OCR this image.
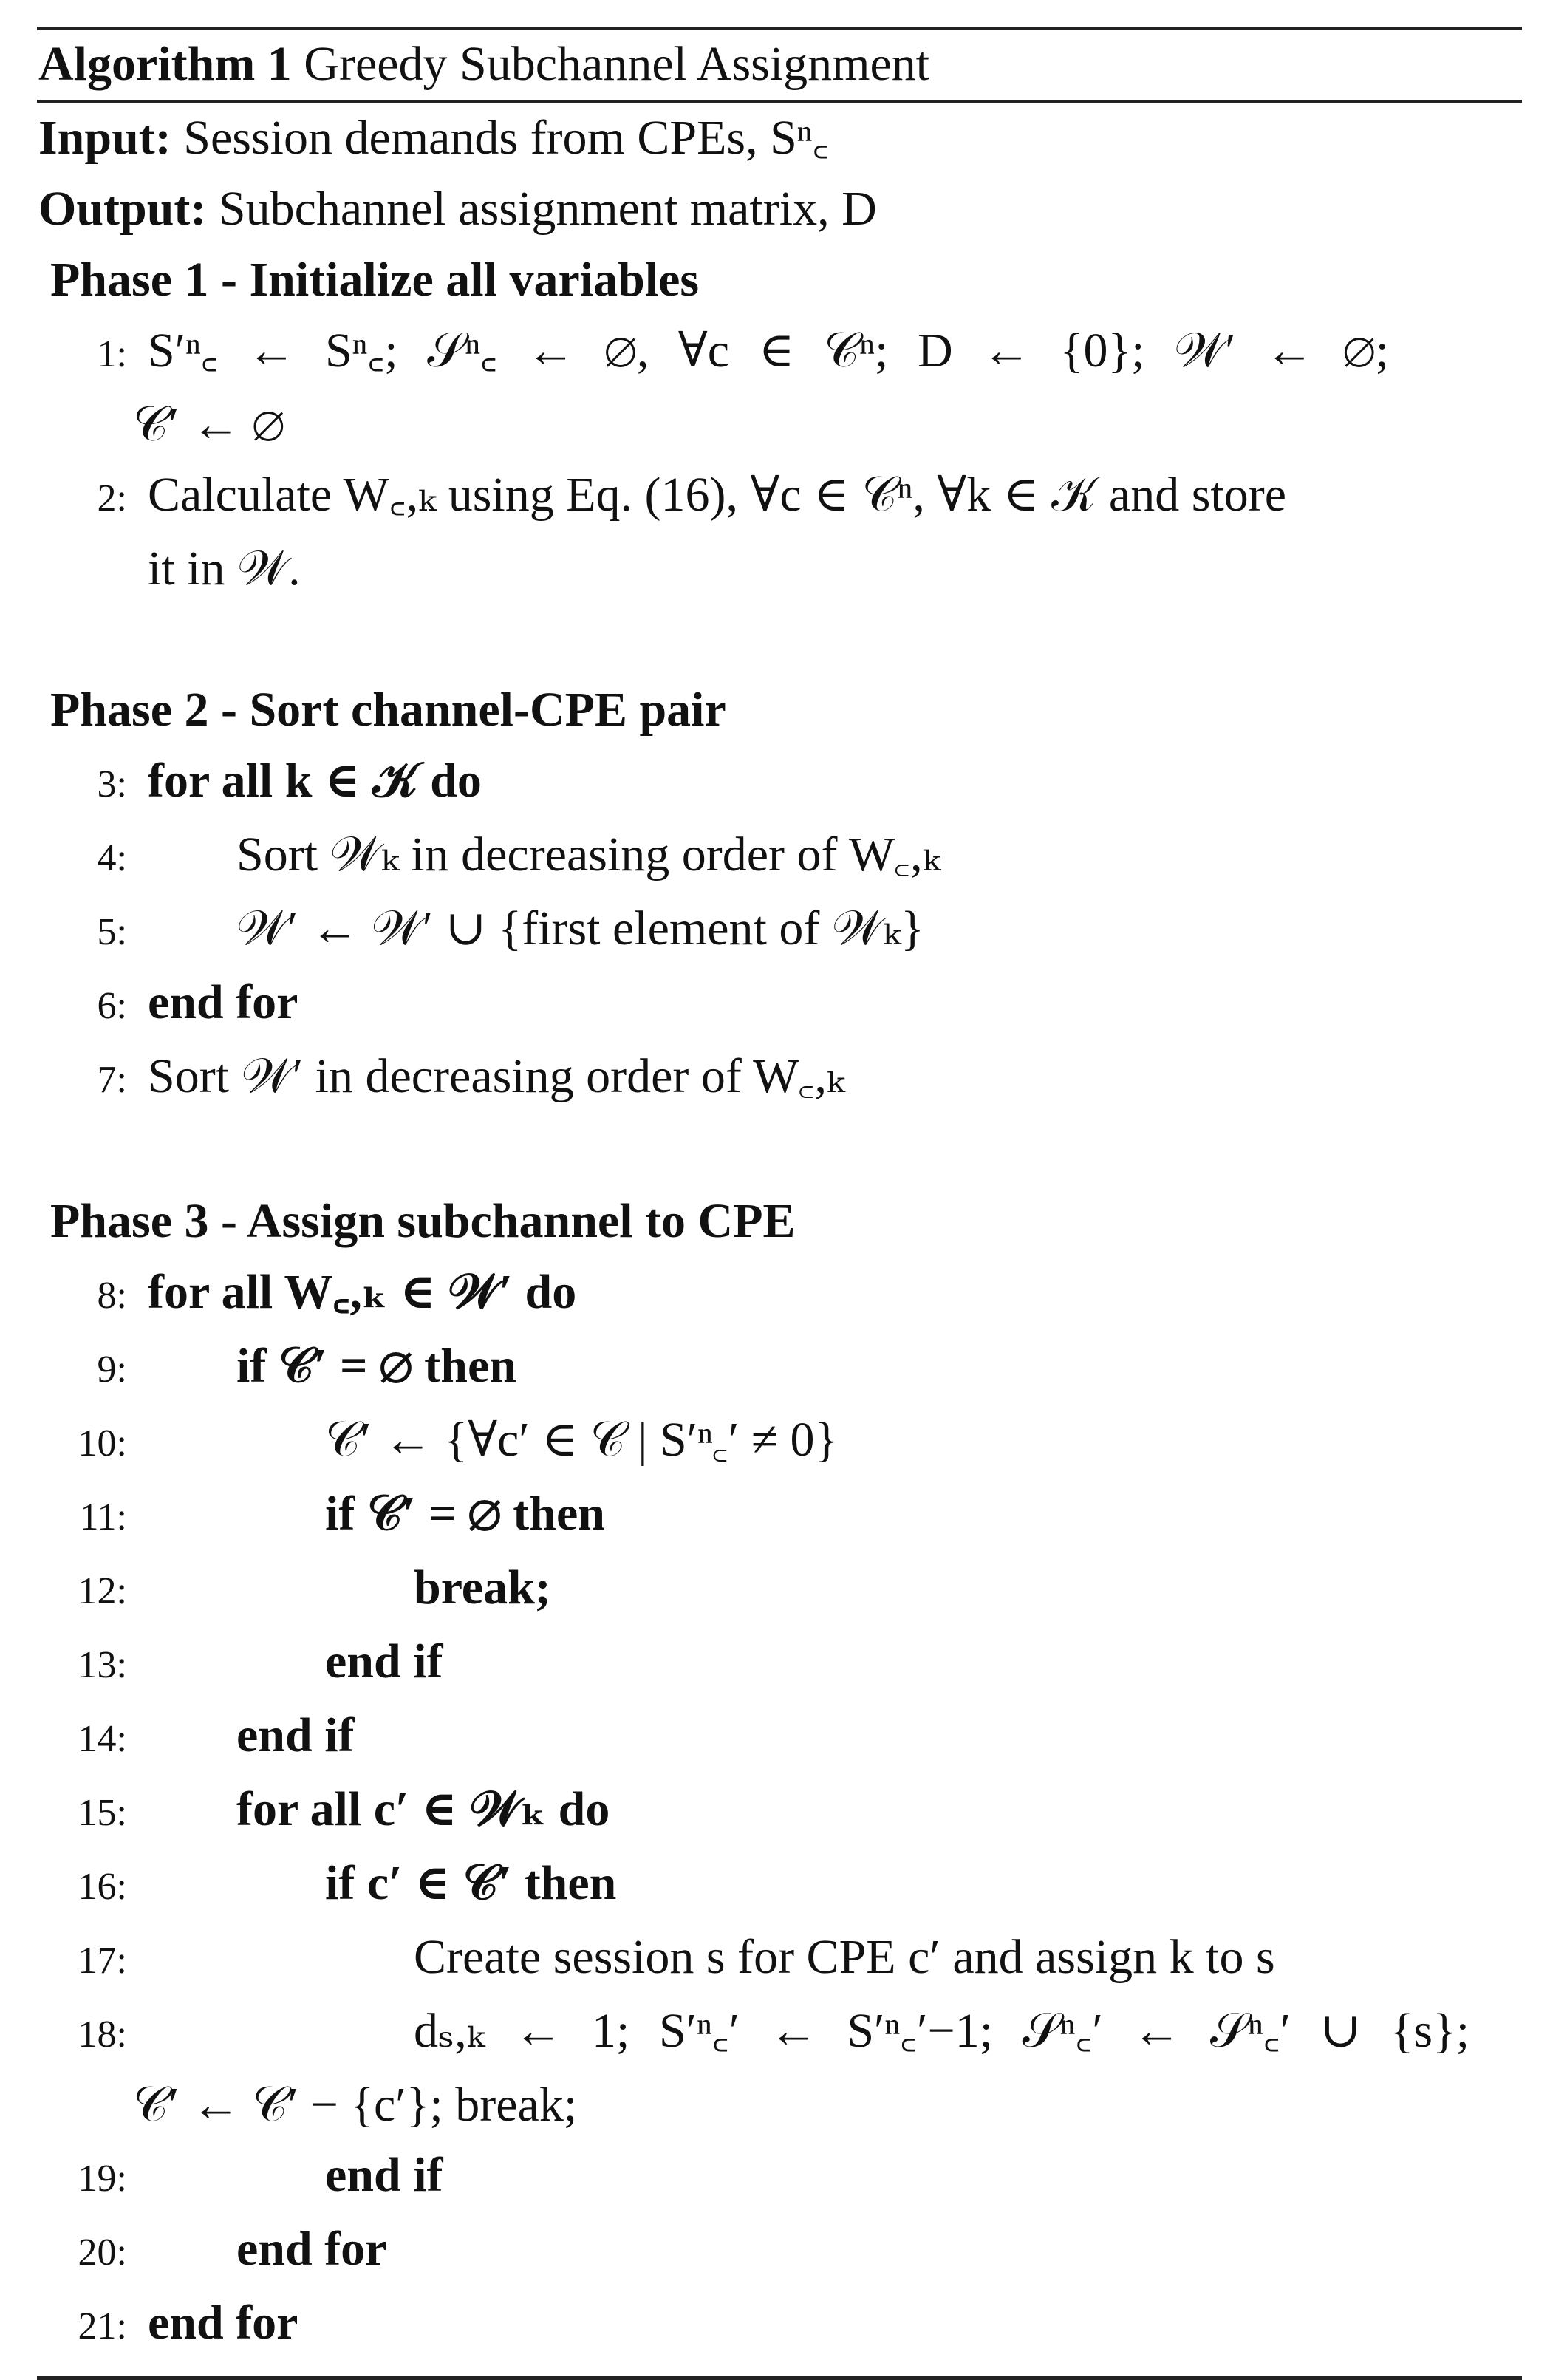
Algorithm 1 Greedy Subchannel Assignment
Input: Session demands from CPEs, Sⁿ꜀
Output: Subchannel assignment matrix, D
Phase 1 - Initialize all variables
1: S′ⁿ꜀ ← Sⁿ꜀; 𝒮ⁿ꜀ ← ∅, ∀c ∈ 𝒞ⁿ; D ← {0}; 𝒲′ ← ∅;
𝒞′ ← ∅
2: Calculate W꜀,ₖ using Eq. (16), ∀c ∈ 𝒞ⁿ, ∀k ∈ 𝒦 and store
it in 𝒲.
Phase 2 - Sort channel-CPE pair
3: for all k ∈ 𝒦 do
4:	Sort 𝒲ₖ in decreasing order of W꜀,ₖ
5:	𝒲′ ← 𝒲′ ∪ {first element of 𝒲ₖ}
6: end for
7: Sort 𝒲′ in decreasing order of W꜀,ₖ
Phase 3 - Assign subchannel to CPE
8: for all W꜀,ₖ ∈ 𝒲′ do
9:	if 𝒞′ = ∅ then
10:	𝒞′ ← {∀c′ ∈ 𝒞 | S′ⁿ꜀′ ≠ 0}
11:	if 𝒞′ = ∅ then
12:	break;
13:	end if
14:	end if
15:	for all c′ ∈ 𝒲ₖ do
16:	if c′ ∈ 𝒞′ then
17:	Create session s for CPE c′ and assign k to s
18:	dₛ,ₖ ← 1; S′ⁿ꜀′ ← S′ⁿ꜀′−1; 𝒮ⁿ꜀′ ← 𝒮ⁿ꜀′ ∪ {s};
𝒞′ ← 𝒞′ − {c′}; break;
19:	end if
20:	end for
21: end for
